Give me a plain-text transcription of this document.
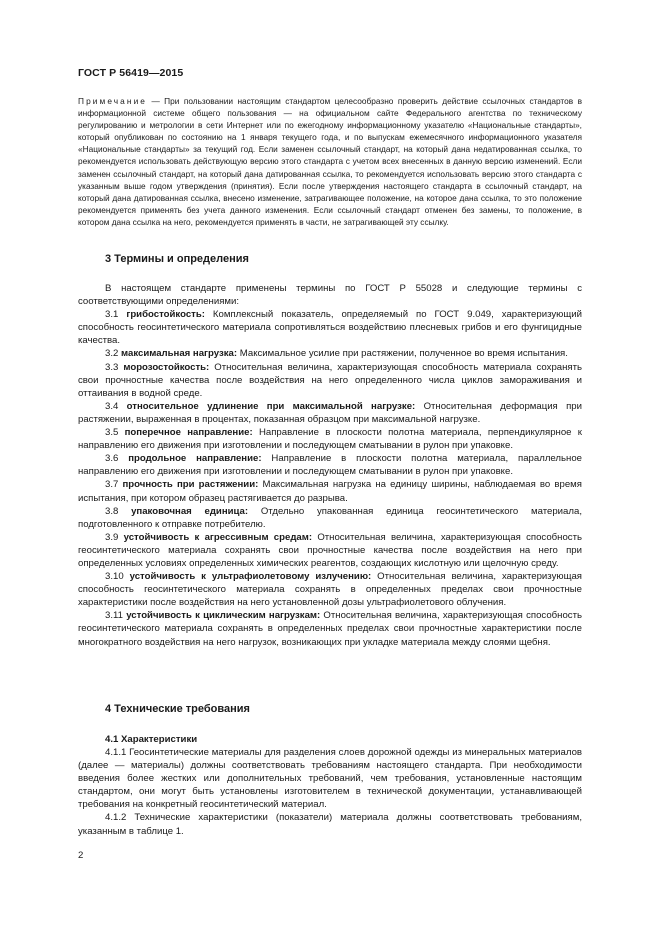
ГОСТ Р 56419—2015
Примечание — При пользовании настоящим стандартом целесообразно проверить действие ссылочных стандартов в информационной системе общего пользования — на официальном сайте Федерального агентства по техническому регулированию и метрологии в сети Интернет или по ежегодному информационному указателю «Национальные стандарты», который опубликован по состоянию на 1 января текущего года, и по выпускам ежемесячного информационного указателя «Национальные стандарты» за текущий год. Если заменен ссылочный стандарт, на который дана недатированная ссылка, то рекомендуется использовать действующую версию этого стандарта с учетом всех внесенных в данную версию изменений. Если заменен ссылочный стандарт, на который дана датированная ссылка, то рекомендуется использовать версию этого стандарта с указанным выше годом утверждения (принятия). Если после утверждения настоящего стандарта в ссылочный стандарт, на который дана датированная ссылка, внесено изменение, затрагивающее положение, на которое дана ссылка, то это положение рекомендуется применять без учета данного изменения. Если ссылочный стандарт отменен без замены, то положение, в котором дана ссылка на него, рекомендуется применять в части, не затрагивающей эту ссылку.
3 Термины и определения

В настоящем стандарте применены термины по ГОСТ Р 55028 и следующие термины с соответствующими определениями:

3.1 грибостойкость: Комплексный показатель, определяемый по ГОСТ 9.049, характеризующий способность геосинтетического материала сопротивляться воздействию плесневых грибов и его фунгицидные качества.

3.2 максимальная нагрузка: Максимальное усилие при растяжении, полученное во время испытания.

3.3 морозостойкость: Относительная величина, характеризующая способность материала сохранять свои прочностные качества после воздействия на него определенного числа циклов замораживания и оттаивания в водной среде.

3.4 относительное удлинение при максимальной нагрузке: Относительная деформация при растяжении, выраженная в процентах, показанная образцом при максимальной нагрузке.

3.5 поперечное направление: Направление в плоскости полотна материала, перпендикулярное к направлению его движения при изготовлении и последующем сматывании в рулон при упаковке.

3.6 продольное направление: Направление в плоскости полотна материала, параллельное направлению его движения при изготовлении и последующем сматывании в рулон при упаковке.

3.7 прочность при растяжении: Максимальная нагрузка на единицу ширины, наблюдаемая во время испытания, при котором образец растягивается до разрыва.

3.8 упаковочная единица: Отдельно упакованная единица геосинтетического материала, подготовленного к отправке потребителю.

3.9 устойчивость к агрессивным средам: Относительная величина, характеризующая способность геосинтетического материала сохранять свои прочностные качества после воздействия на него при определенных условиях определенных химических реагентов, создающих кислотную или щелочную среду.

3.10 устойчивость к ультрафиолетовому излучению: Относительная величина, характеризующая способность геосинтетического материала сохранять в определенных пределах свои прочностные характеристики после воздействия на него установленной дозы ультрафиолетового облучения.

3.11 устойчивость к циклическим нагрузкам: Относительная величина, характеризующая способность геосинтетического материала сохранять в определенных пределах свои прочностные характеристики после многократного воздействия на него нагрузок, возникающих при укладке материала между слоями щебня.

4 Технические требования
4.1 Характеристики

4.1.1 Геосинтетические материалы для разделения слоев дорожной одежды из минеральных материалов (далее — материалы) должны соответствовать требованиям настоящего стандарта. При необходимости введения более жестких или дополнительных требований, чем требования, установленные настоящим стандартом, они могут быть установлены изготовителем в технической документации, устанавливающей требования на конкретный геосинтетический материал.

4.1.2 Технические характеристики (показатели) материала должны соответствовать требованиям, указанным в таблице 1.

2
